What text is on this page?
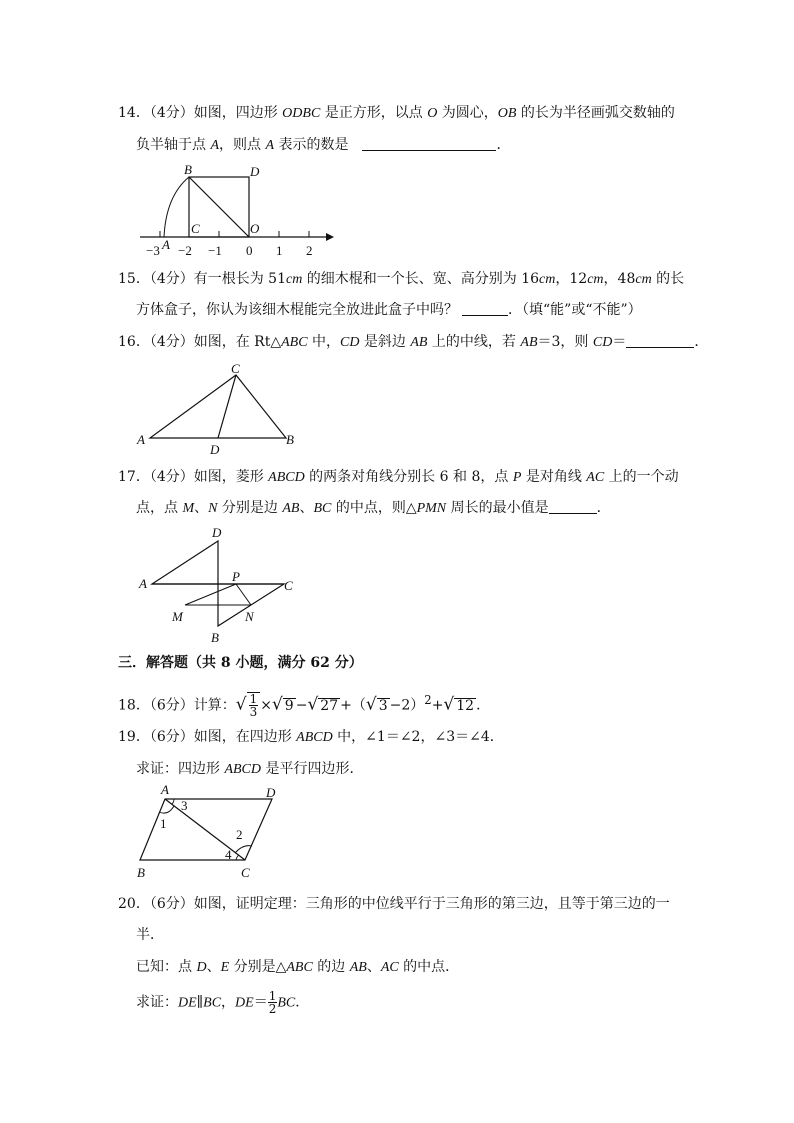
14．（4分）如图，四边形 ODBC 是正方形，以点 O 为圆心，OB 的长为半径画弧交数轴的
负半轴于点 A，则点 A 表示的数是	．
B	D
C	O
A
−3 −2 −1 0 1 2
15．（4分）有一根长为 51cm 的细木棍和一个长、宽、高分别为 16cm，12cm，48cm 的长
方体盒子，你认为该细木棍能完全放进此盒子中吗？	．（填“能”或“不能”）
16．（4分）如图，在 Rt△ABC 中，CD 是斜边 AB 上的中线，若 AB＝3，则 CD＝	．
C
A
D
B
17．（4分）如图，菱形 ABCD 的两条对角线分别长 6 和 8，点 P 是对角线 AC 上的一个动
点，点 M、N 分别是边 AB、BC 的中点，则△PMN 周长的最小值是	．
D
A	P
C
M	N
B
三．解答题（共 8 小题，满分 62 分）
18．（6分）计算：√ $\frac{1}{3}$ ×√ 9 −√ 27 +（√ 3 −2）$^2$+√ 12 ．
19．（6分）如图，在四边形 ABCD 中，∠1＝∠2，∠3＝∠4．
求证：四边形 ABCD 是平行四边形．
A	D
B	C
1
3
2
4
20．（6分）如图，证明定理：三角形的中位线平行于三角形的第三边，且等于第三边的一
半．
已知：点 D、E 分别是△ABC 的边 AB、AC 的中点．
求证：DE∥BC，$DE= \frac{1}{2}$ BC．
